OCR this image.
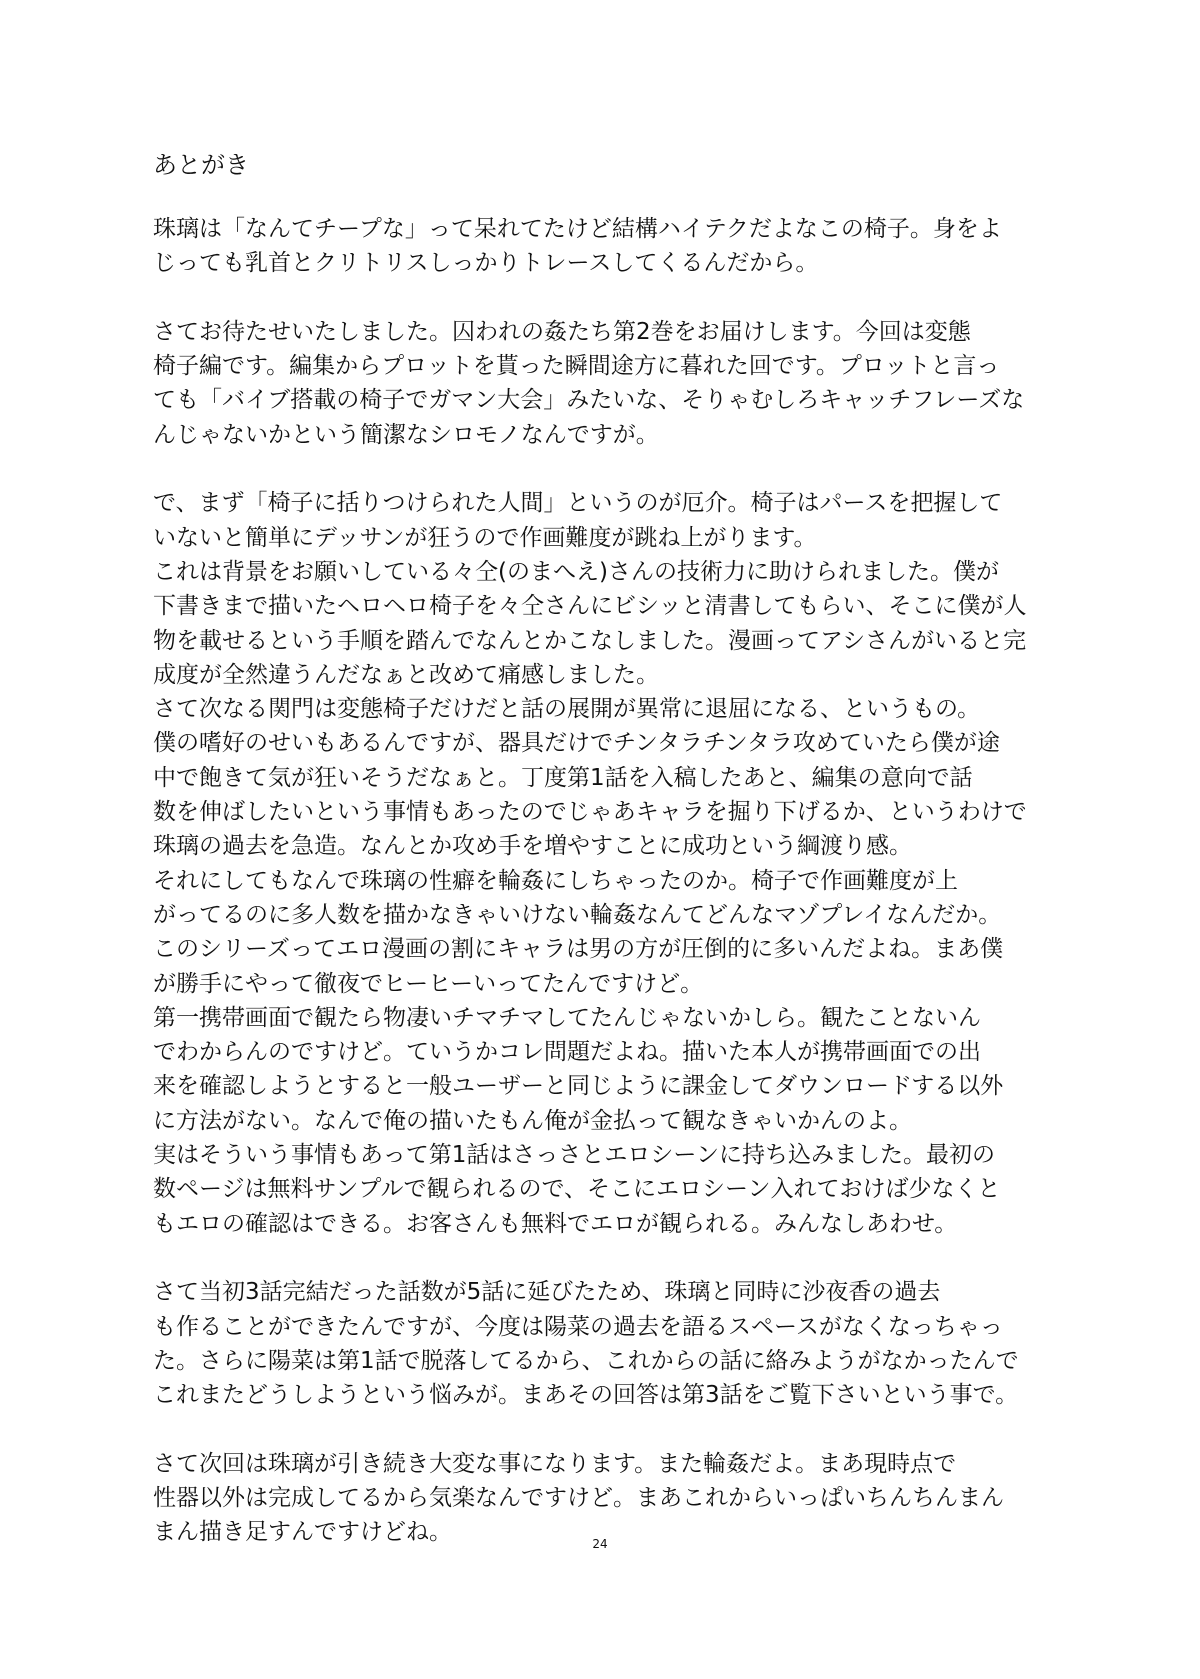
あとがき
珠璃は「なんてチープな」って呆れてたけど結構ハイテクだよなこの椅子。身をよ
じっても乳首とクリトリスしっかりトレースしてくるんだから。
さてお待たせいたしました。囚われの姦たち第2巻をお届けします。今回は変態
椅子編です。編集からプロットを貰った瞬間途方に暮れた回です。プロットと言っ
ても「バイブ搭載の椅子でガマン大会」みたいな、そりゃむしろキャッチフレーズな
んじゃないかという簡潔なシロモノなんですが。
で、まず「椅子に括りつけられた人間」というのが厄介。椅子はパースを把握して
いないと簡単にデッサンが狂うので作画難度が跳ね上がります。
これは背景をお願いしている々仝(のまへえ)さんの技術力に助けられました。僕が
下書きまで描いたヘロヘロ椅子を々仝さんにビシッと清書してもらい、そこに僕が人
物を載せるという手順を踏んでなんとかこなしました。漫画ってアシさんがいると完
成度が全然違うんだなぁと改めて痛感しました。
さて次なる関門は変態椅子だけだと話の展開が異常に退屈になる、というもの。
僕の嗜好のせいもあるんですが、器具だけでチンタラチンタラ攻めていたら僕が途
中で飽きて気が狂いそうだなぁと。丁度第1話を入稿したあと、編集の意向で話
数を伸ばしたいという事情もあったのでじゃあキャラを掘り下げるか、というわけで
珠璃の過去を急造。なんとか攻め手を増やすことに成功という綱渡り感。
それにしてもなんで珠璃の性癖を輪姦にしちゃったのか。椅子で作画難度が上
がってるのに多人数を描かなきゃいけない輪姦なんてどんなマゾプレイなんだか。
このシリーズってエロ漫画の割にキャラは男の方が圧倒的に多いんだよね。まあ僕
が勝手にやって徹夜でヒーヒーいってたんですけど。
第一携帯画面で観たら物凄いチマチマしてたんじゃないかしら。観たことないん
でわからんのですけど。ていうかコレ問題だよね。描いた本人が携帯画面での出
来を確認しようとすると一般ユーザーと同じように課金してダウンロードする以外
に方法がない。なんで俺の描いたもん俺が金払って観なきゃいかんのよ。
実はそういう事情もあって第1話はさっさとエロシーンに持ち込みました。最初の
数ページは無料サンプルで観られるので、そこにエロシーン入れておけば少なくと
もエロの確認はできる。お客さんも無料でエロが観られる。みんなしあわせ。
さて当初3話完結だった話数が5話に延びたため、珠璃と同時に沙夜香の過去
も作ることができたんですが、今度は陽菜の過去を語るスペースがなくなっちゃっ
た。さらに陽菜は第1話で脱落してるから、これからの話に絡みようがなかったんで
これまたどうしようという悩みが。まあその回答は第3話をご覧下さいという事で。
さて次回は珠璃が引き続き大変な事になります。また輪姦だよ。まあ現時点で
性器以外は完成してるから気楽なんですけど。まあこれからいっぱいちんちんまん
まん描き足すんですけどね。	24
